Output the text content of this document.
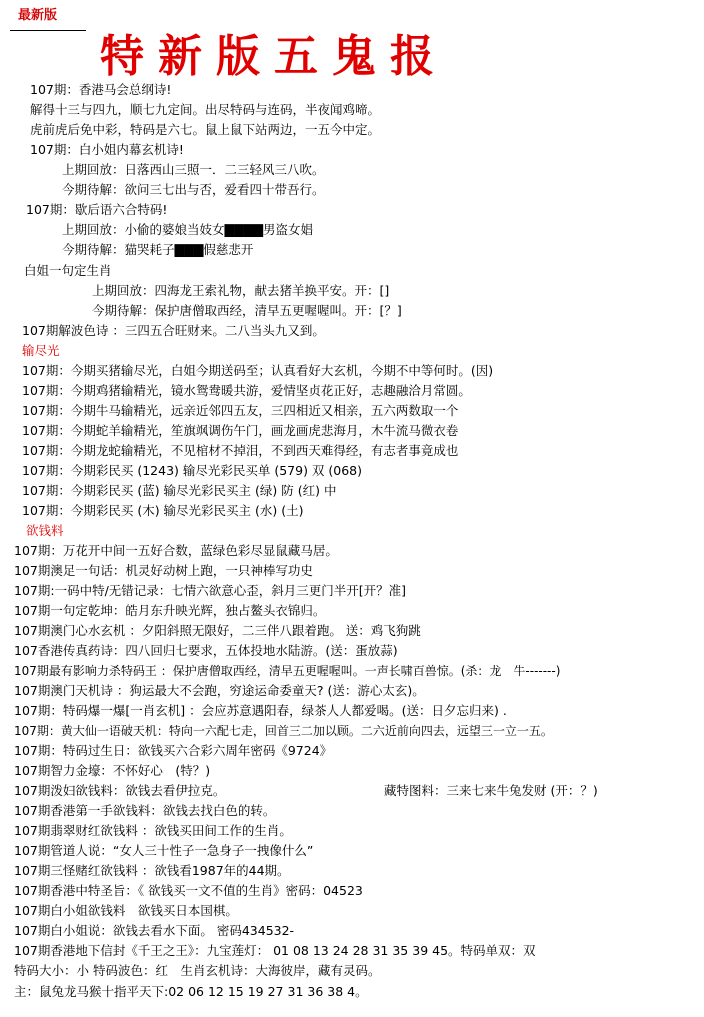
最新版
特新版五鬼报
107期：香港马会总纲诗!
解得十三与四九，顺七九定间。出尽特码与连码，半夜闻鸡啼。
虎前虎后免中彩，特码是六七。鼠上鼠下站两边，一五今中定。
107期：白小姐内幕玄机诗!
上期回放：日落西山三照一．二三轻风三八吹。
今期待解：欲问三七出与否，爱看四十带吾行。
107期：歇后语六合特码!
上期回放：小偷的婆娘当妓女▇▇▇▇男盗女娼
今期待解：猫哭耗子▇▇▇假慈悲开
白姐一句定生肖
上期回放：四海龙王索礼物，献去猪羊换平安。开：[]
今期待解：保护唐僧取西经，清早五更喔喔叫。开：[？]
107期解波色诗 ：三四五合旺财来。二八当头九又到。
输尽光
107期：今期买猪输尽光，白姐今期送码至；认真看好大玄机，今期不中等何时。(因)
107期：今期鸡猪输精光，镜水鸳鸯暖共游，爱情坚贞花正好，志趣融洽月常圆。
107期：今期牛马输精光，远亲近邻四五友，三四相近又相亲，五六两数取一个
107期：今期蛇羊输精光，笙旗飒调伤午门，画龙画虎悲海月，木牛流马微衣卷
107期：今期龙蛇输精光，不见棺材不掉泪，不到西天难得经，有志者事竟成也
107期：今期彩民买 (1243) 输尽光彩民买单 (579) 双 (068)
107期：今期彩民买 (蓝) 输尽光彩民买主 (绿) 防 (红) 中
107期：今期彩民买 (木) 输尽光彩民买主 (水) (土)
欲钱料
107期：万花开中间一五好合数，蓝绿色彩尽显鼠藏马居。
107期澳足一句话：机灵好动树上跑，一只神棒写功史
107期:一码中特/无错记录：七情六欲意心歪，斜月三更门半开[开？准]
107期一句定乾坤：皓月东升映光辉，独占鳌头衣锦归。
107期澳门心水玄机 ：夕阳斜照无限好，二三伴八跟着跑。 送：鸡飞狗跳
107香港传真药诗：四八回归七要求，五体投地水陆游。(送：蛋放蒜)
107期最有影响力杀特码王 ：保护唐僧取西经，清早五更喔喔叫。一声长啸百兽惊。(杀：龙　牛-------)
107期澳门天机诗 ：狗运最大不会跑，穷途运命委童天? (送：游心太玄)。
107期：特码爆一爆[一肖玄机] ：会应苏意遇阳春，绿茶人人都爱喝。(送：日夕忘归来) .
107期：黄大仙一语破天机：特向一六配七走，回首三二加以顾。二六近前向四去，远望三一立一五。
107期：特码过生日：欲钱买六合彩六周年密码《9724》
107期智力金壕：不怀好心　(特？)
107期泼妇欲钱料：欲钱去看伊拉克。	藏特图料：三来七来牛兔发财 (开：？)
107期香港第一手欲钱料：欲钱去找白色的转。
107期翡翠财红欲钱料 ：欲钱买田间工作的生肖。
107期管道人说：“女人三十性子一急身子一拽像什么”
107期三怪赌红欲钱料 ：欲钱看1987年的44期。
107期香港中特圣旨：《 欲钱买一文不值的生肖》密码：04523
107期白小姐欲钱料　欲钱买日本国棋。
107期白小姐说：欲钱去看水下面。 密码434532-
107期香港地下信封《千王之王》：九宝莲灯： 01 08 13 24 28 31 35 39 45。特码单双：双
特码大小：小 特码波色：红　生肖玄机诗：大海彼岸，藏有灵码。
主：鼠兔龙马猴十指平天下:02 06 12 15 19 27 31 36 38 4。
